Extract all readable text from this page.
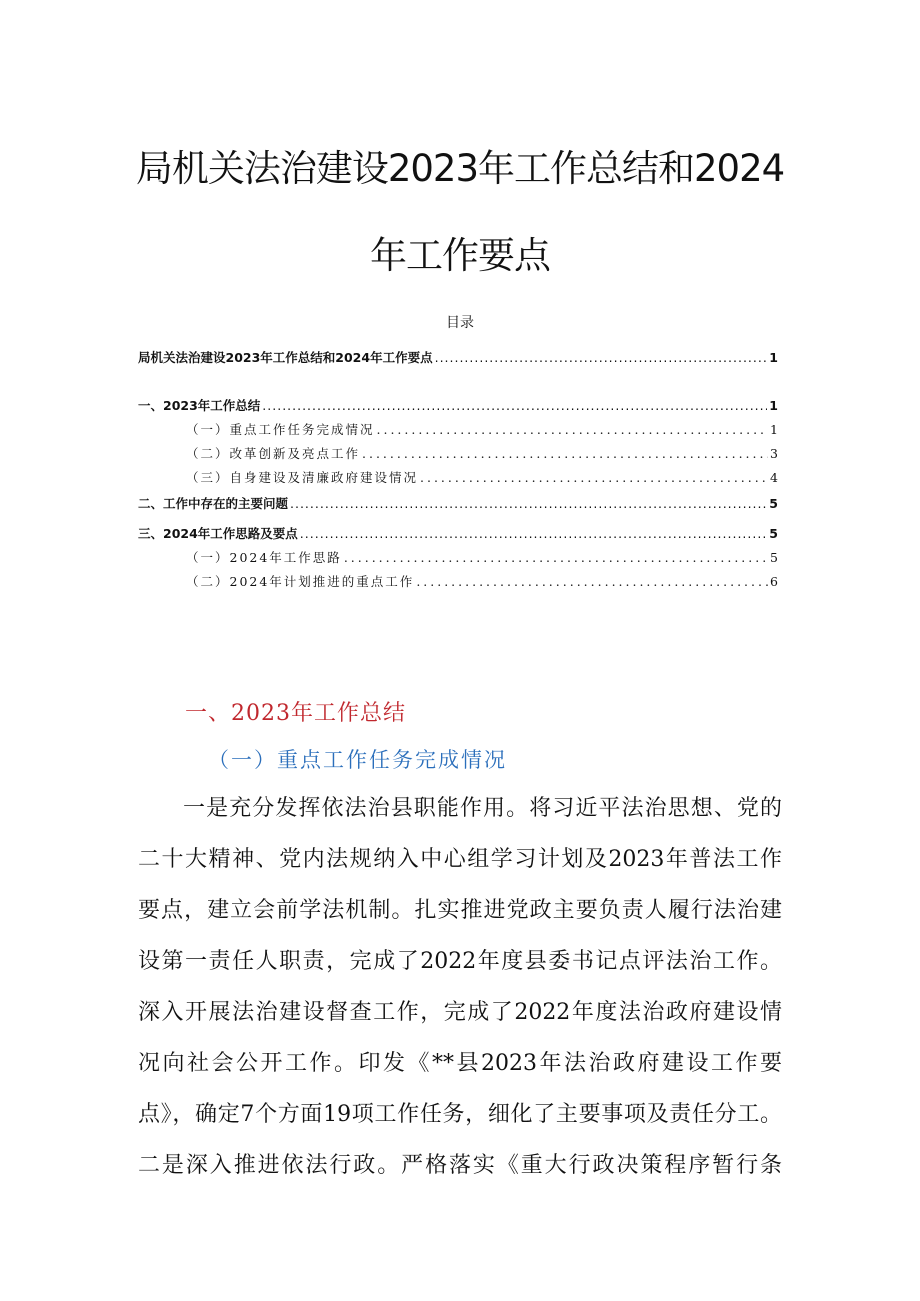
局机关法治建设2023年工作总结和2024
年工作要点
目录
局机关法治建设2023年工作总结和2024年工作要点 .....	1
一、2023年工作总结 .....	1
（一）重点工作任务完成情况 .....	1
（二）改革创新及亮点工作 .....	3
（三）自身建设及清廉政府建设情况 .....	4
二、工作中存在的主要问题 .....	5
三、2024年工作思路及要点 .....	5
（一）2024年工作思路 .....	5
（二）2024年计划推进的重点工作 .....	6
一、2023年工作总结
（一）重点工作任务完成情况
一是充分发挥依法治县职能作用。将习近平法治思想、党的
二十大精神、党内法规纳入中心组学习计划及2023年普法工作
要点，建立会前学法机制。扎实推进党政主要负责人履行法治建
设第一责任人职责，完成了2022年度县委书记点评法治工作。
深入开展法治建设督查工作，完成了2022年度法治政府建设情
况向社会公开工作。印发《**县2023年法治政府建设工作要
点》，确定7个方面19项工作任务，细化了主要事项及责任分工。
二是深入推进依法行政。严格落实《重大行政决策程序暂行条
